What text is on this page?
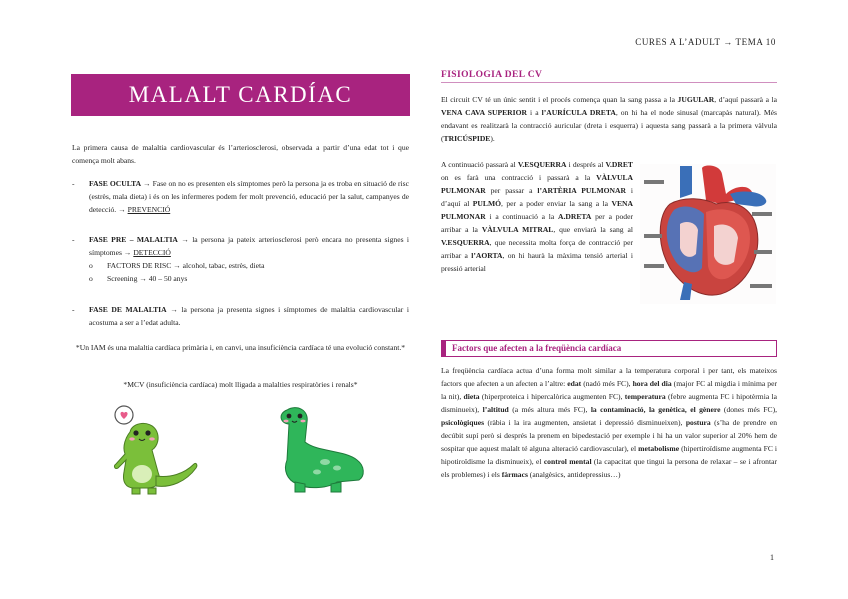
CURES A L’ADULT → TEMA 10
MALALT CARDÍAC
La primera causa de malaltia cardiovascular és l’arteriosclerosi, observada a partir d’una edat tot i que comença molt abans.
- FASE OCULTA → Fase on no es presenten els símptomes però la persona ja es troba en situació de risc (estrès, mala dieta) i és on les infermeres podem fer molt prevenció, educació per la salut, campanyes de detecció. → PREVENCIÓ
- FASE PRE – MALALTIA → la persona ja pateix arteriosclerosi però encara no presenta signes i símptomes → DETECCIÓ
o FACTORS DE RISC → alcohol, tabac, estrès, dieta
o Screening → 40 – 50 anys
- FASE DE MALALTIA → la persona ja presenta signes i símptomes de malaltia cardiovascular i acostuma a ser a l’edat adulta.
*Un IAM és una malaltia cardíaca primària i, en canvi, una insuficiència cardíaca té una evolució constant.*
*MCV (insuficiència cardíaca) molt lligada a malalties respiratòries i renals*
FISIOLOGIA DEL CV
El circuit CV té un únic sentit i el procés comença quan la sang passa a la JUGULAR, d’aquí passarà a la VENA CAVA SUPERIOR i a l’AURÍCULA DRETA, on hi ha el node sinusal (marcapàs natural). Més endavant es realitzarà la contracció auricular (dreta i esquerra) i aquesta sang passarà a la primera vàlvula (TRICÚSPIDE).
A continuació passarà al V.ESQUERRA i després al V.DRET on es farà una contracció i passarà a la VÀLVULA PULMONAR per passar a l’ARTÈRIA PULMONAR i d’aquí al PULMÓ, per a poder enviar la sang a la VENA PULMONAR i a continuació a la A.DRETA per a poder arribar a la VÀLVULA MITRAL, que enviarà la sang al V.ESQUERRA, que necessita molta força de contracció per arribar a l’AORTA, on hi haurà la màxima tensió arterial i pressió arterial
Factors que afecten a la freqüència cardíaca
La freqüència cardíaca actua d’una forma molt similar a la temperatura corporal i per tant, els mateixos factors que afecten a un afecten a l’altre: edat (nadó més FC), hora del dia (major FC al migdia i mínima per la nit), dieta (hiperproteica i hipercalòrica augmenten FC), temperatura (febre augmenta FC i hipotèrmia la disminueix), l’altitud (a més altura més FC), la contaminació, la genètica, el gènere (dones més FC), psicològiques (ràbia i la ira augmenten, ansietat i depressió disminueixen), postura (s’ha de prendre en decúbit supí però si després la prenem en bipedestació per exemple i hi ha un valor superior al 20% hem de sospitar que aquest malalt té alguna alteració cardiovascular), el metabolisme (hipertiroïdisme augmenta FC i hipotiroïdisme la disminueix), el control mental (la capacitat que tingui la persona de relaxar – se i afrontar els problemes) i els fàrmacs (analgèsics, antidepressius…)
1
